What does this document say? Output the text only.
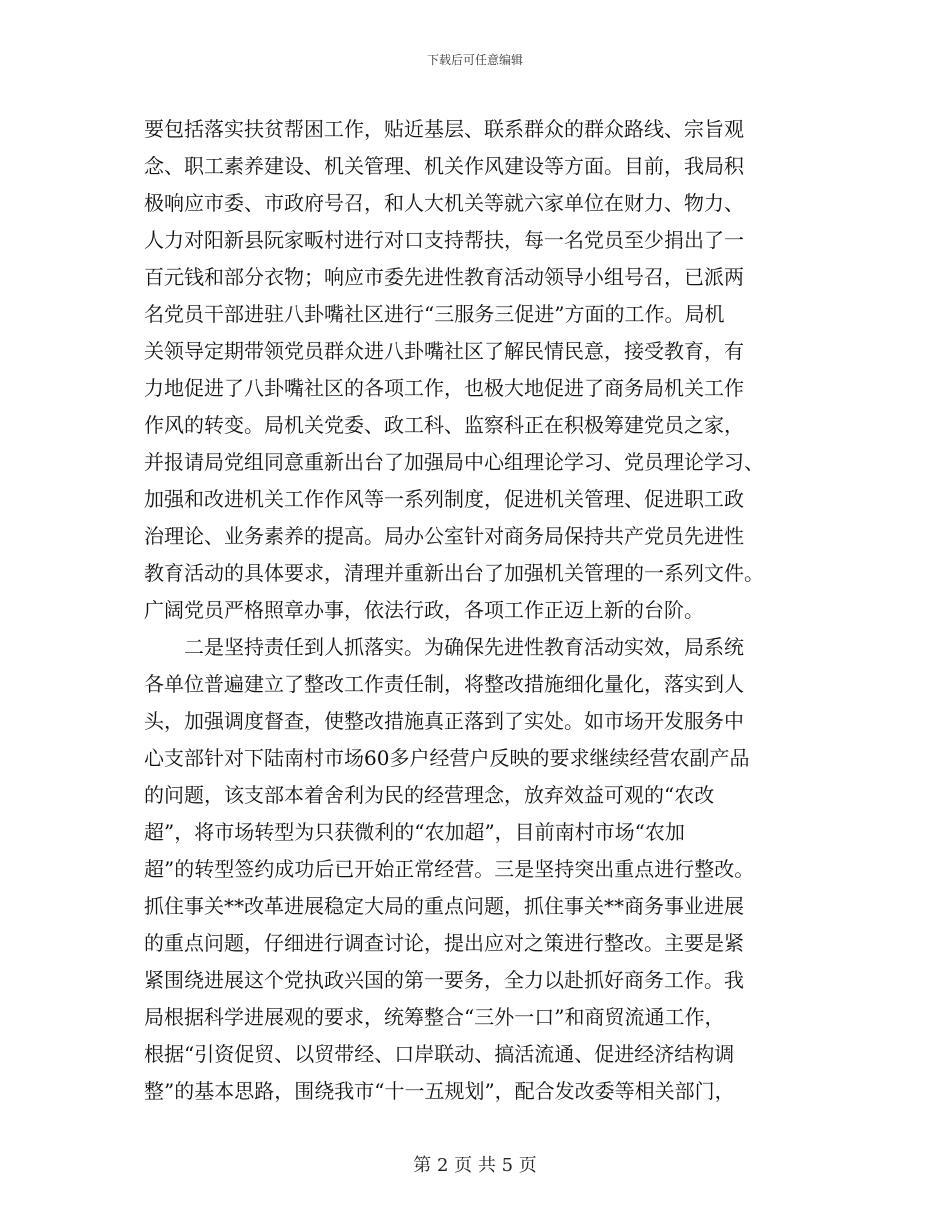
下载后可任意编辑
要包括落实扶贫帮困工作，贴近基层、联系群众的群众路线、宗旨观
念、职工素养建设、机关管理、机关作风建设等方面。目前，我局积
极响应市委、市政府号召，和人大机关等就六家单位在财力、物力、
人力对阳新县阮家畈村进行对口支持帮扶，每一名党员至少捐出了一
百元钱和部分衣物；响应市委先进性教育活动领导小组号召，已派两
名党员干部进驻八卦嘴社区进行“三服务三促进”方面的工作。局机
关领导定期带领党员群众进八卦嘴社区了解民情民意，接受教育，有
力地促进了八卦嘴社区的各项工作，也极大地促进了商务局机关工作
作风的转变。局机关党委、政工科、监察科正在积极筹建党员之家，
并报请局党组同意重新出台了加强局中心组理论学习、党员理论学习、
加强和改进机关工作作风等一系列制度，促进机关管理、促进职工政
治理论、业务素养的提高。局办公室针对商务局保持共产党员先进性
教育活动的具体要求，清理并重新出台了加强机关管理的一系列文件。
广阔党员严格照章办事，依法行政，各项工作正迈上新的台阶。
二是坚持责任到人抓落实。为确保先进性教育活动实效，局系统
各单位普遍建立了整改工作责任制，将整改措施细化量化，落实到人
头，加强调度督查，使整改措施真正落到了实处。如市场开发服务中
心支部针对下陆南村市场60多户经营户反映的要求继续经营农副产品
的问题，该支部本着舍利为民的经营理念，放弃效益可观的“农改
超”，将市场转型为只获微利的“农加超”，目前南村市场“农加
超”的转型签约成功后已开始正常经营。三是坚持突出重点进行整改。
抓住事关**改革进展稳定大局的重点问题，抓住事关**商务事业进展
的重点问题，仔细进行调查讨论，提出应对之策进行整改。主要是紧
紧围绕进展这个党执政兴国的第一要务，全力以赴抓好商务工作。我
局根据科学进展观的要求，统筹整合“三外一口”和商贸流通工作，
根据“引资促贸、以贸带经、口岸联动、搞活流通、促进经济结构调
整”的基本思路，围绕我市“十一五规划”，配合发改委等相关部门，
第 2 页 共 5 页
